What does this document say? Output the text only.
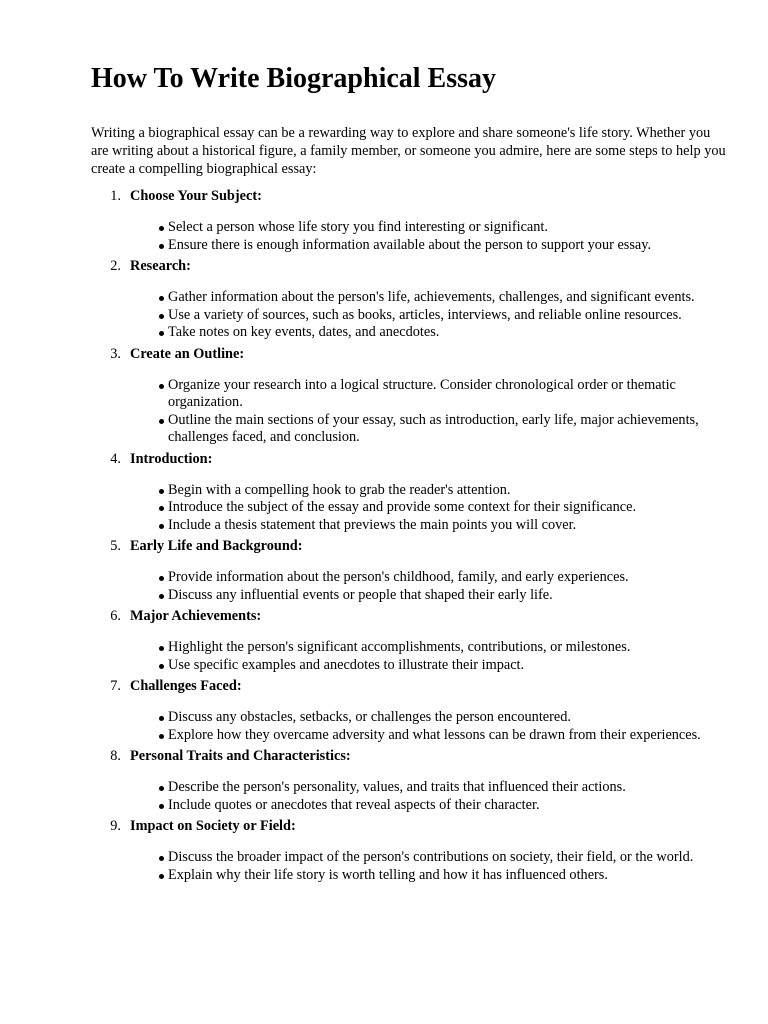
How To Write Biographical Essay

Writing a biographical essay can be a rewarding way to explore and share someone's life story. Whether you are writing about a historical figure, a family member, or someone you admire, here are some steps to help you create a compelling biographical essay:

1. Choose Your Subject:
Select a person whose life story you find interesting or significant.
Ensure there is enough information available about the person to support your essay.
2. Research:
Gather information about the person's life, achievements, challenges, and significant events.
Use a variety of sources, such as books, articles, interviews, and reliable online resources.
Take notes on key events, dates, and anecdotes.
3. Create an Outline:
Organize your research into a logical structure. Consider chronological order or thematic organization.
Outline the main sections of your essay, such as introduction, early life, major achievements, challenges faced, and conclusion.
4. Introduction:
Begin with a compelling hook to grab the reader's attention.
Introduce the subject of the essay and provide some context for their significance.
Include a thesis statement that previews the main points you will cover.
5. Early Life and Background:
Provide information about the person's childhood, family, and early experiences.
Discuss any influential events or people that shaped their early life.
6. Major Achievements:
Highlight the person's significant accomplishments, contributions, or milestones.
Use specific examples and anecdotes to illustrate their impact.
7. Challenges Faced:
Discuss any obstacles, setbacks, or challenges the person encountered.
Explore how they overcame adversity and what lessons can be drawn from their experiences.
8. Personal Traits and Characteristics:
Describe the person's personality, values, and traits that influenced their actions.
Include quotes or anecdotes that reveal aspects of their character.
9. Impact on Society or Field:
Discuss the broader impact of the person's contributions on society, their field, or the world.
Explain why their life story is worth telling and how it has influenced others.
